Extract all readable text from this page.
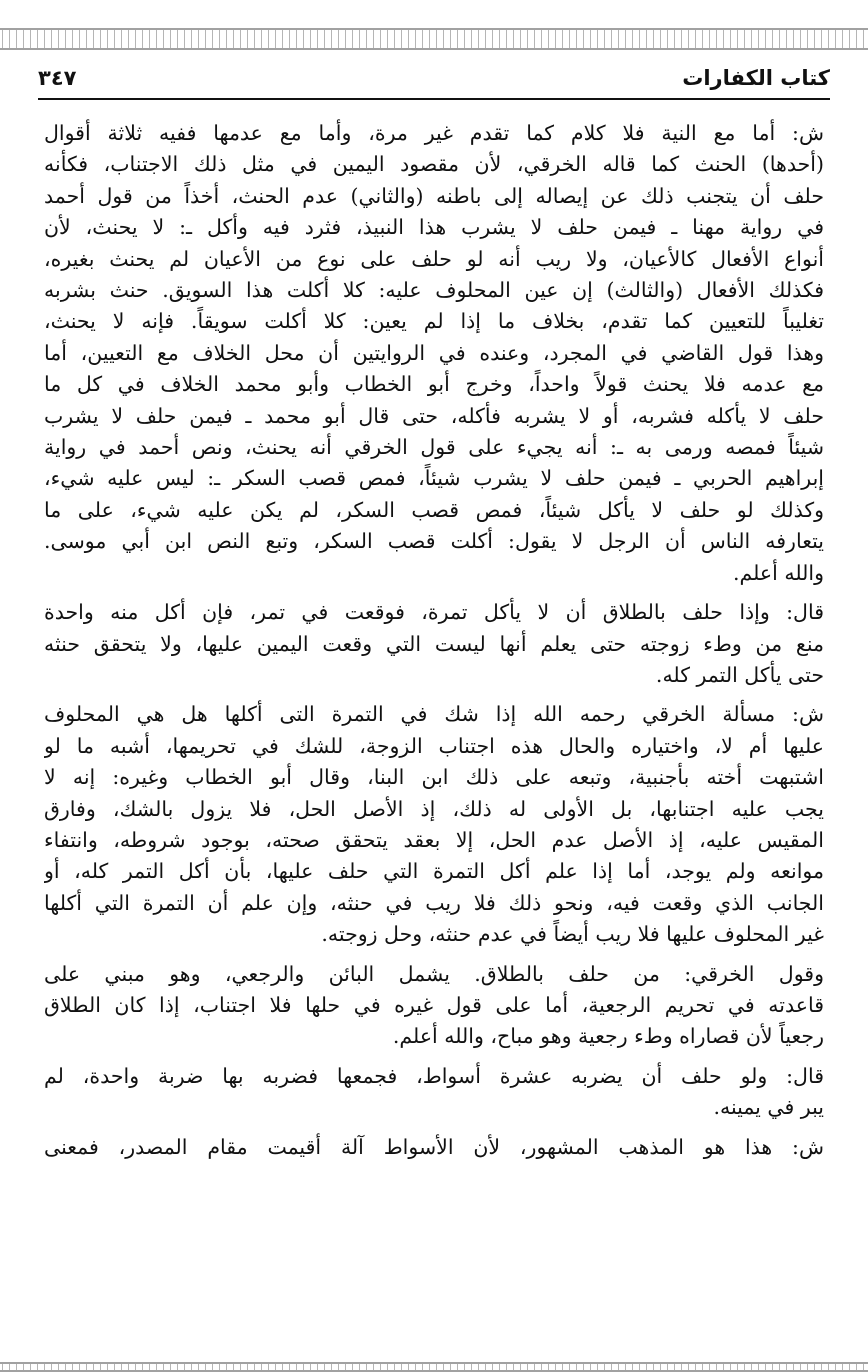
كتاب الكفارات
٣٤٧
ش: أما مع النية فلا كلام كما تقدم غير مرة، وأما مع عدمها ففيه ثلاثة أقوال
(أحدها) الحنث كما قاله الخرقي، لأن مقصود اليمين في مثل ذلك الاجتناب، فكأنه
حلف أن يتجنب ذلك عن إيصاله إلى باطنه (والثاني) عدم الحنث، أخذاً من قول أحمد
في رواية مهنا ـ فيمن حلف لا يشرب هذا النبيذ، فثرد فيه وأكل ـ: لا يحنث، لأن
أنواع الأفعال كالأعيان، ولا ريب أنه لو حلف على نوع من الأعيان لم يحنث بغيره،
فكذلك الأفعال (والثالث) إن عين المحلوف عليه: كلا أكلت هذا السويق. حنث بشربه
تغليباً للتعيين كما تقدم، بخلاف ما إذا لم يعين: كلا أكلت سويقاً. فإنه لا يحنث،
وهذا قول القاضي في المجرد، وعنده في الروايتين أن محل الخلاف مع التعيين، أما
مع عدمه فلا يحنث قولاً واحداً، وخرج أبو الخطاب وأبو محمد الخلاف في كل ما
حلف لا يأكله فشربه، أو لا يشربه فأكله، حتى قال أبو محمد ـ فيمن حلف لا يشرب
شيئاً فمصه ورمى به ـ: أنه يجيء على قول الخرقي أنه يحنث، ونص أحمد في رواية
إبراهيم الحربي ـ فيمن حلف لا يشرب شيئاً، فمص قصب السكر ـ: ليس عليه شيء،
وكذلك لو حلف لا يأكل شيئاً، فمص قصب السكر، لم يكن عليه شيء، على ما
يتعارفه الناس أن الرجل لا يقول: أكلت قصب السكر، وتبع النص ابن أبي موسى.
والله أعلم.
قال: وإذا حلف بالطلاق أن لا يأكل تمرة، فوقعت في تمر، فإن أكل منه واحدة
منع من وطء زوجته حتى يعلم أنها ليست التي وقعت اليمين عليها، ولا يتحقق حنثه
حتى يأكل التمر كله.
ش: مسألة الخرقي رحمه الله إذا شك في التمرة التى أكلها هل هي المحلوف
عليها أم لا، واختياره والحال هذه اجتناب الزوجة، للشك في تحريمها، أشبه ما لو
اشتبهت أخته بأجنبية، وتبعه على ذلك ابن البنا، وقال أبو الخطاب وغيره: إنه لا
يجب عليه اجتنابها، بل الأولى له ذلك، إذ الأصل الحل، فلا يزول بالشك، وفارق
المقيس عليه، إذ الأصل عدم الحل، إلا بعقد يتحقق صحته، بوجود شروطه، وانتفاء
موانعه ولم يوجد، أما إذا علم أكل التمرة التي حلف عليها، بأن أكل التمر كله، أو
الجانب الذي وقعت فيه، ونحو ذلك فلا ريب في حنثه، وإن علم أن التمرة التي أكلها
غير المحلوف عليها فلا ريب أيضاً في عدم حنثه، وحل زوجته.
وقول الخرقي: من حلف بالطلاق. يشمل البائن والرجعي، وهو مبني على
قاعدته في تحريم الرجعية، أما على قول غيره في حلها فلا اجتناب، إذا كان الطلاق
رجعياً لأن قصاراه وطء رجعية وهو مباح، والله أعلم.
قال: ولو حلف أن يضربه عشرة أسواط، فجمعها فضربه بها ضربة واحدة، لم
يبر في يمينه.
ش: هذا هو المذهب المشهور، لأن الأسواط آلة أقيمت مقام المصدر، فمعنى
